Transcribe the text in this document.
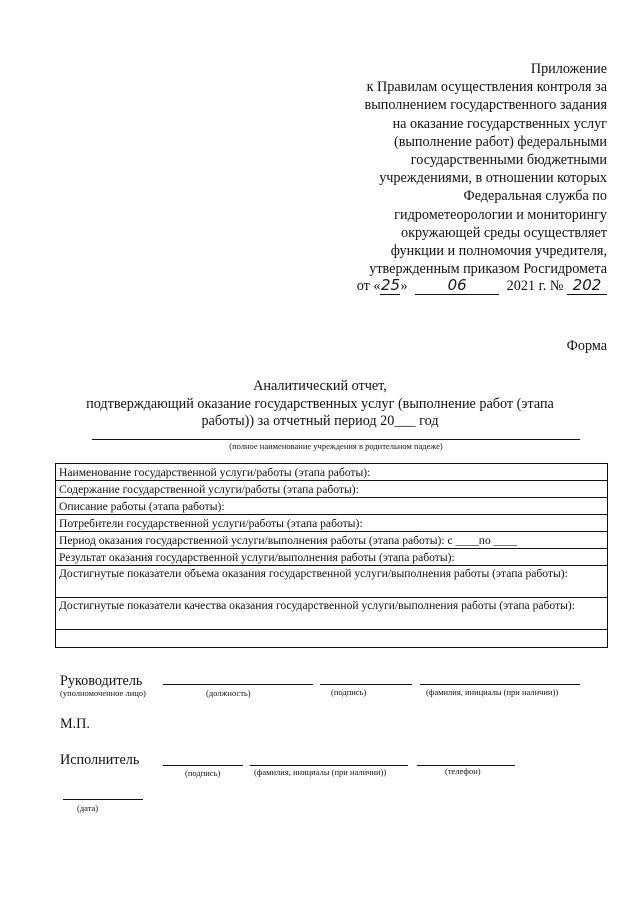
Приложение
к Правилам осуществления контроля за
выполнением государственного задания
на оказание государственных услуг
(выполнение работ) федеральными
государственными бюджетными
учреждениями, в отношении которых
Федеральная служба по
гидрометеорологии и мониторингу
окружающей среды осуществляет
функции и полномочия учредителя,
утвержденным приказом Росгидромета
от «25»	06	2021 г. № 202
Форма
Аналитический отчет,
подтверждающий оказание государственных услуг (выполнение работ (этапа
работы)) за отчетный период 20___ год
(полное наименование учреждения в родительном падеже)
Наименование государственной услуги/работы (этапа работы):
Содержание государственной услуги/работы (этапа работы):
Описание работы (этапа работы):
Потребители государственной услуги/работы (этапа работы):
Период оказания государственной услуги/выполнения работы (этапа работы): с ____по ____
Результат оказания государственной услуги/выполнения работы (этапа работы):
Достигнутые показатели объема оказания государственной услуги/выполнения работы (этапа работы):
Достигнутые показатели качества оказания государственной услуги/выполнения работы (этапа работы):

Руководитель
(уполномоченное лицо)	(должность)	(подпись)	(фамилия, инициалы (при наличии))
М.П.
Исполнитель
(подпись)	(фамилия, инициалы (при наличии))	(телефон)
(дата)
